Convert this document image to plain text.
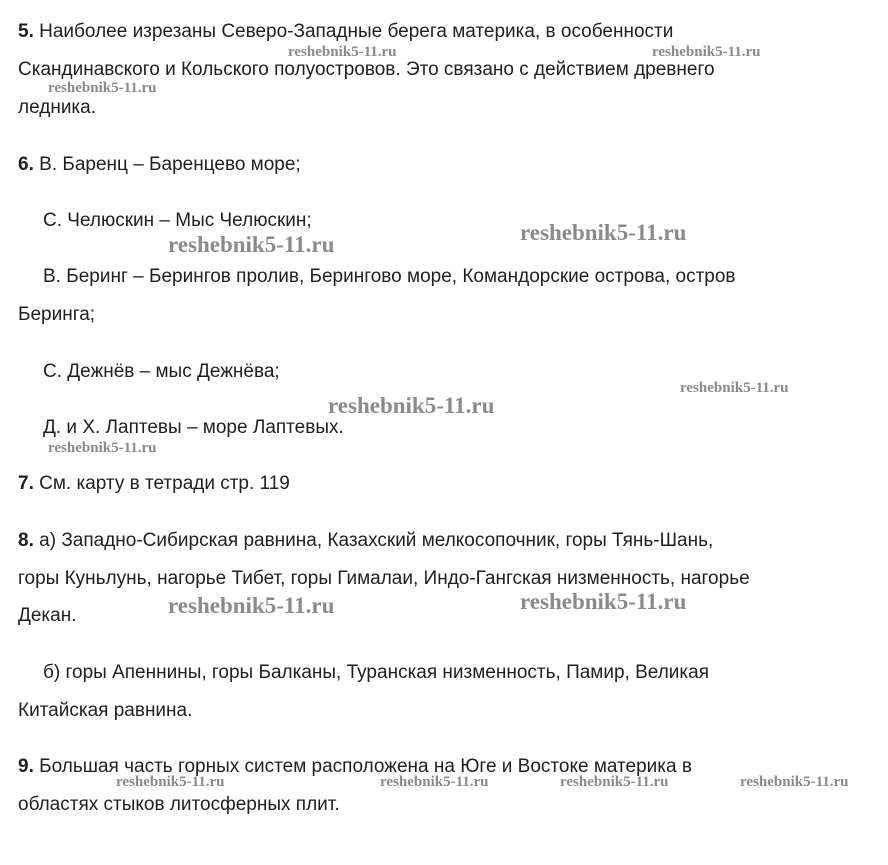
5. Наиболее изрезаны Северо-Западные берега материка, в особенности
Скандинавского и Кольского полуостровов. Это связано с действием древнего
ледника.
6. В. Баренц – Баренцево море;
С. Челюскин – Мыс Челюскин;
В. Беринг – Берингов пролив, Берингово море, Командорские острова, остров
Беринга;
С. Дежнёв – мыс Дежнёва;
Д. и Х. Лаптевы – море Лаптевых.
7. См. карту в тетради стр. 119
8. а) Западно-Сибирская равнина, Казахский мелкосопочник, горы Тянь-Шань,
горы Куньлунь, нагорье Тибет, горы Гималаи, Индо-Гангская низменность, нагорье
Декан.
б) горы Апеннины, горы Балканы, Туранская низменность, Памир, Великая
Китайская равнина.
9. Большая часть горных систем расположена на Юге и Востоке материка в
областях стыков литосферных плит.
reshebnik5-11.ru	reshebnik5-11.ru
reshebnik5-11.ru
reshebnik5-11.ru	reshebnik5-11.ru
reshebnik5-11.ru
reshebnik5-11.ru
reshebnik5-11.ru
reshebnik5-11.ru	reshebnik5-11.ru
reshebnik5-11.ru	reshebnik5-11.ru	reshebnik5-11.ru	reshebnik5-11.ru
